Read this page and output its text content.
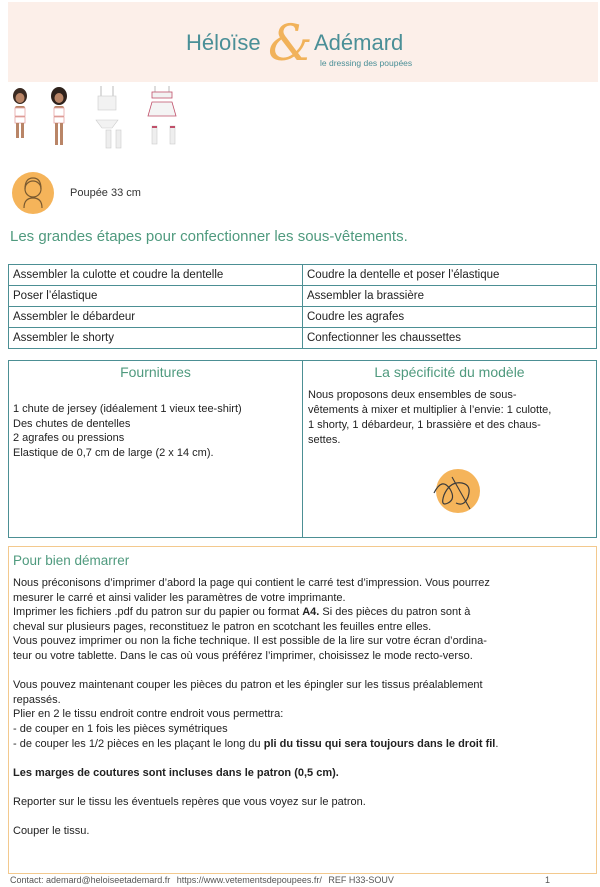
Héloïse & Adémard
le dressing des poupées
Poupée 33 cm
Les grandes étapes pour confectionner les sous-vêtements.
Assembler la culotte et coudre la dentelle	Coudre la dentelle et poser l’élastique
Poser l’élastique	Assembler la brassière
Assembler le débardeur	Coudre les agrafes
Assembler le shorty	Confectionner les chaussettes
Fournitures
1 chute de jersey (idéalement 1 vieux tee-shirt)
Des chutes de dentelles
2 agrafes ou pressions
Elastique de 0,7 cm de large (2 x 14 cm).
La spécificité du modèle
Nous proposons deux ensembles de sous-
vêtements à mixer et multiplier à l’envie: 1 culotte,
1 shorty, 1 débardeur, 1 brassière et des chaus-
settes.
Pour bien démarrer

Nous préconisons d’imprimer d’abord la page qui contient le carré test d’impression. Vous pourrez

mesurer le carré et ainsi valider les paramètres de votre imprimante.

Imprimer les fichiers .pdf du patron sur du papier ou format A4. Si des pièces du patron sont à

cheval sur plusieurs pages, reconstituez le patron en scotchant les feuilles entre elles.

Vous pouvez imprimer ou non la fiche technique. Il est possible de la lire sur votre écran d’ordina-

teur ou votre tablette. Dans le cas où vous préférez l’imprimer, choisissez le mode recto-verso.

Vous pouvez maintenant couper les pièces du patron et les épingler sur les tissus préalablement

repassés.

Plier en 2 le tissu endroit contre endroit vous permettra:

- de couper en 1 fois les pièces symétriques

- de couper les 1/2 pièces en les plaçant le long du pli du tissu qui sera toujours dans le droit fil.

Les marges de coutures sont incluses dans le patron (0,5 cm).

Reporter sur le tissu les éventuels repères que vous voyez sur le patron.

Couper le tissu.

Contact: ademard@heloiseetademard.fr https://www.vetementsdepoupees.fr/ REF H33-SOUV	1
